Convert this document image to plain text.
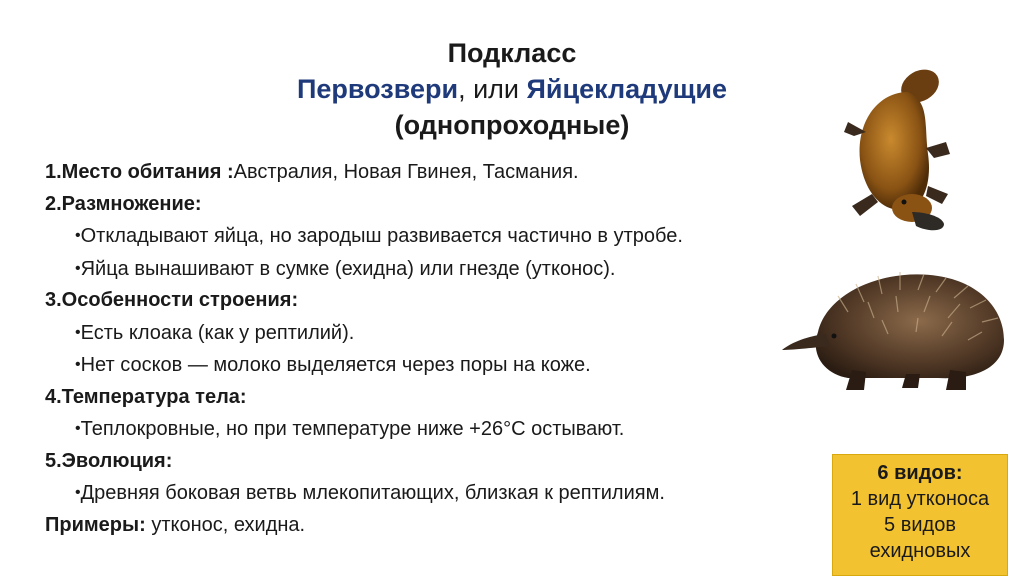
Подкласс
Первозвери, или Яйцекладущие
(однопроходные)
1.Место обитания :Австралия, Новая Гвинея, Тасмания.
2.Размножение:
•Откладывают яйца, но зародыш развивается частично в утробе.
•Яйца вынашивают в сумке (ехидна) или гнезде (утконос).
3.Особенности строения:
•Есть клоака (как у рептилий).
•Нет сосков — молоко выделяется через поры на коже.
4.Температура тела:
•Теплокровные, но при температуре ниже +26°C остывают.
5.Эволюция:
•Древняя боковая ветвь млекопитающих, близкая к рептилиям.
Примеры: утконос, ехидна.
6 видов:
1 вид утконоса
5 видов
ехидновых
